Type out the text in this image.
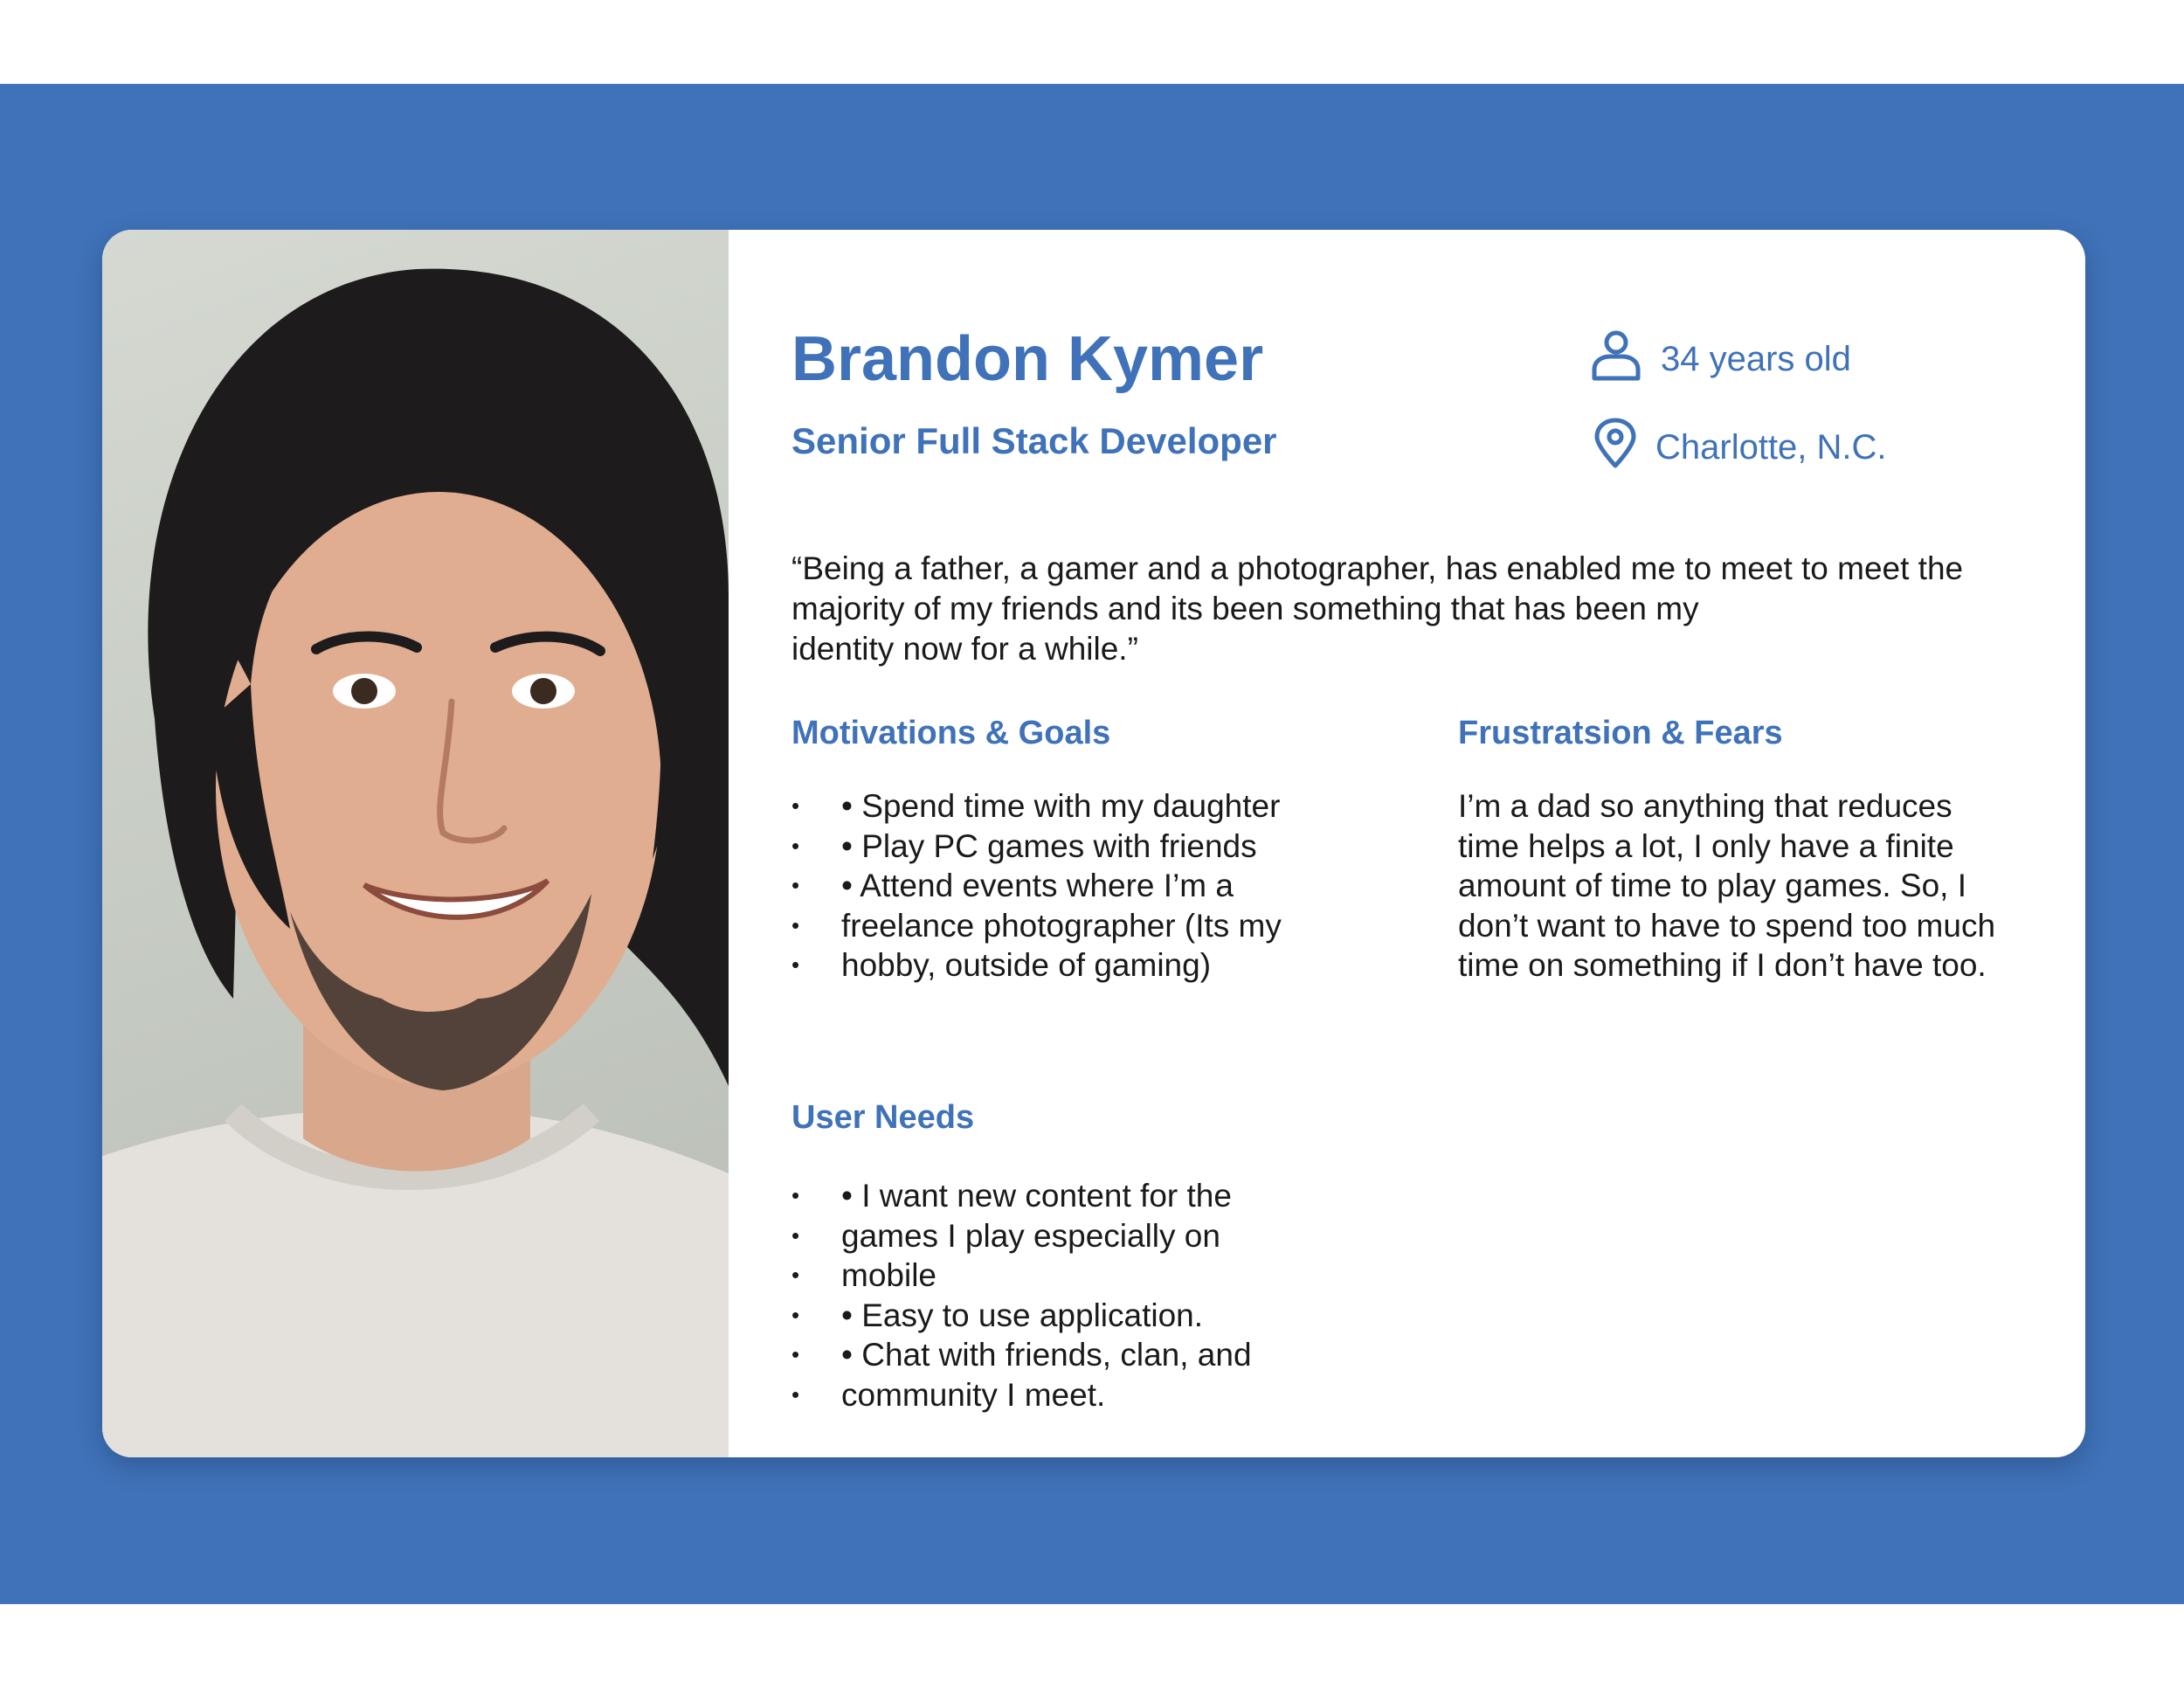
Brandon Kymer
Senior Full Stack Developer
34 years old
Charlotte, N.C.
“Being a father, a gamer and a photographer, has enabled me to meet to meet the
majority of my friends and its been something that has been my
identity now for a while.”
Motivations & Goals
• • Spend time with my daughter
• • Play PC games with friends
• • Attend events where I’m a
• freelance photographer (Its my
• hobby, outside of gaming)
Frustratsion & Fears
I’m a dad so anything that reduces
time helps a lot, I only have a finite
amount of time to play games. So, I
don’t want to have to spend too much
time on something if I don’t have too.
User Needs
• • I want new content for the
• games I play especially on
• mobile
• • Easy to use application.
• • Chat with friends, clan, and
• community I meet.
